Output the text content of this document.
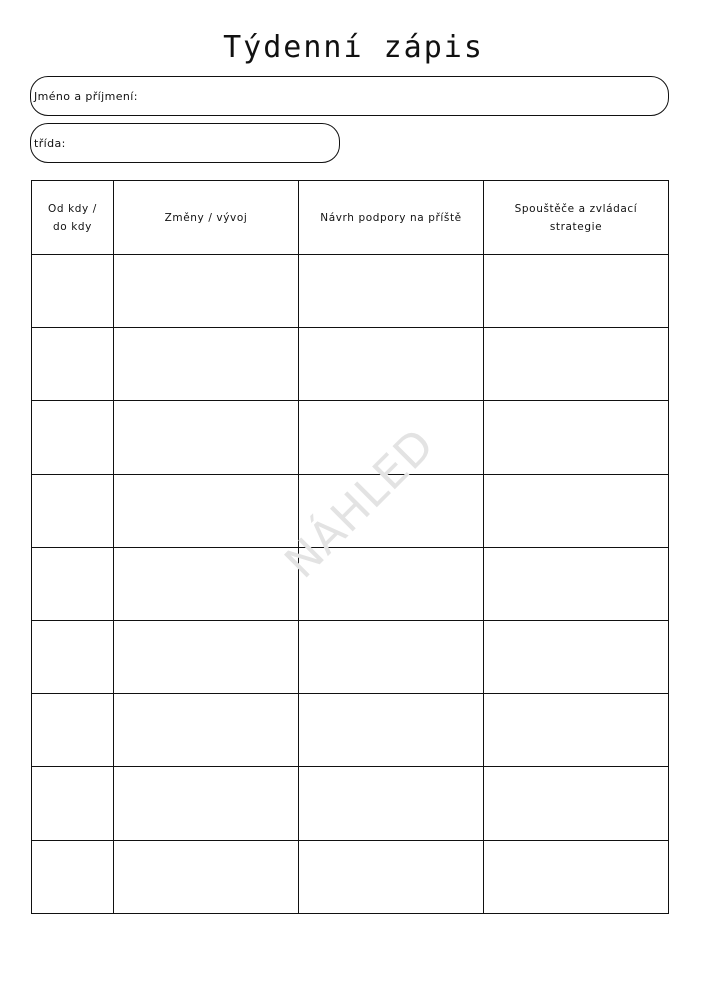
Týdenní zápis
Jméno a příjmení:
třída:
Od kdy / do kdy	Změny / vývoj	Návrh podpory na příště	Spouštěče a zvládací strategie

NÁHLED
